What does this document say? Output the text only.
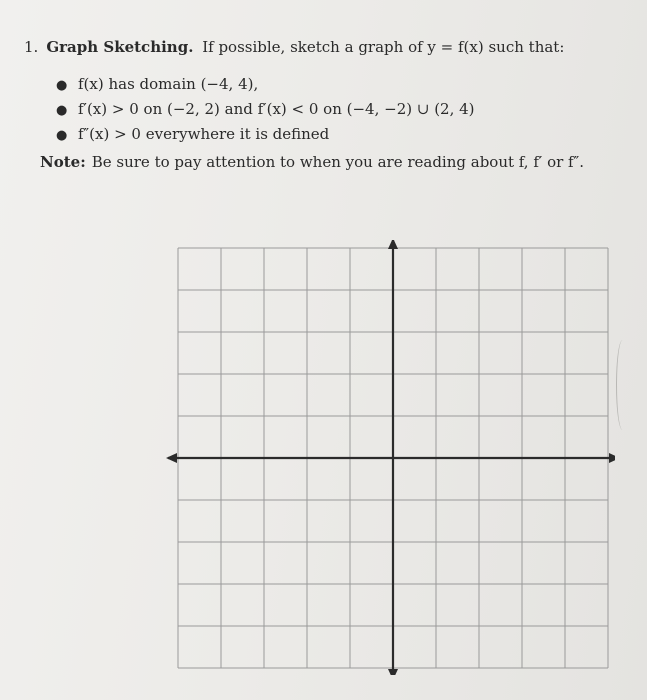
1. Graph Sketching. If possible, sketch a graph of y = f(x) such that:
● f(x) has domain (−4, 4),
● f′(x) > 0 on (−2, 2) and f′(x) < 0 on (−4, −2) ∪ (2, 4)
● f″(x) > 0 everywhere it is defined
Note: Be sure to pay attention to when you are reading about f, f′ or f″.
